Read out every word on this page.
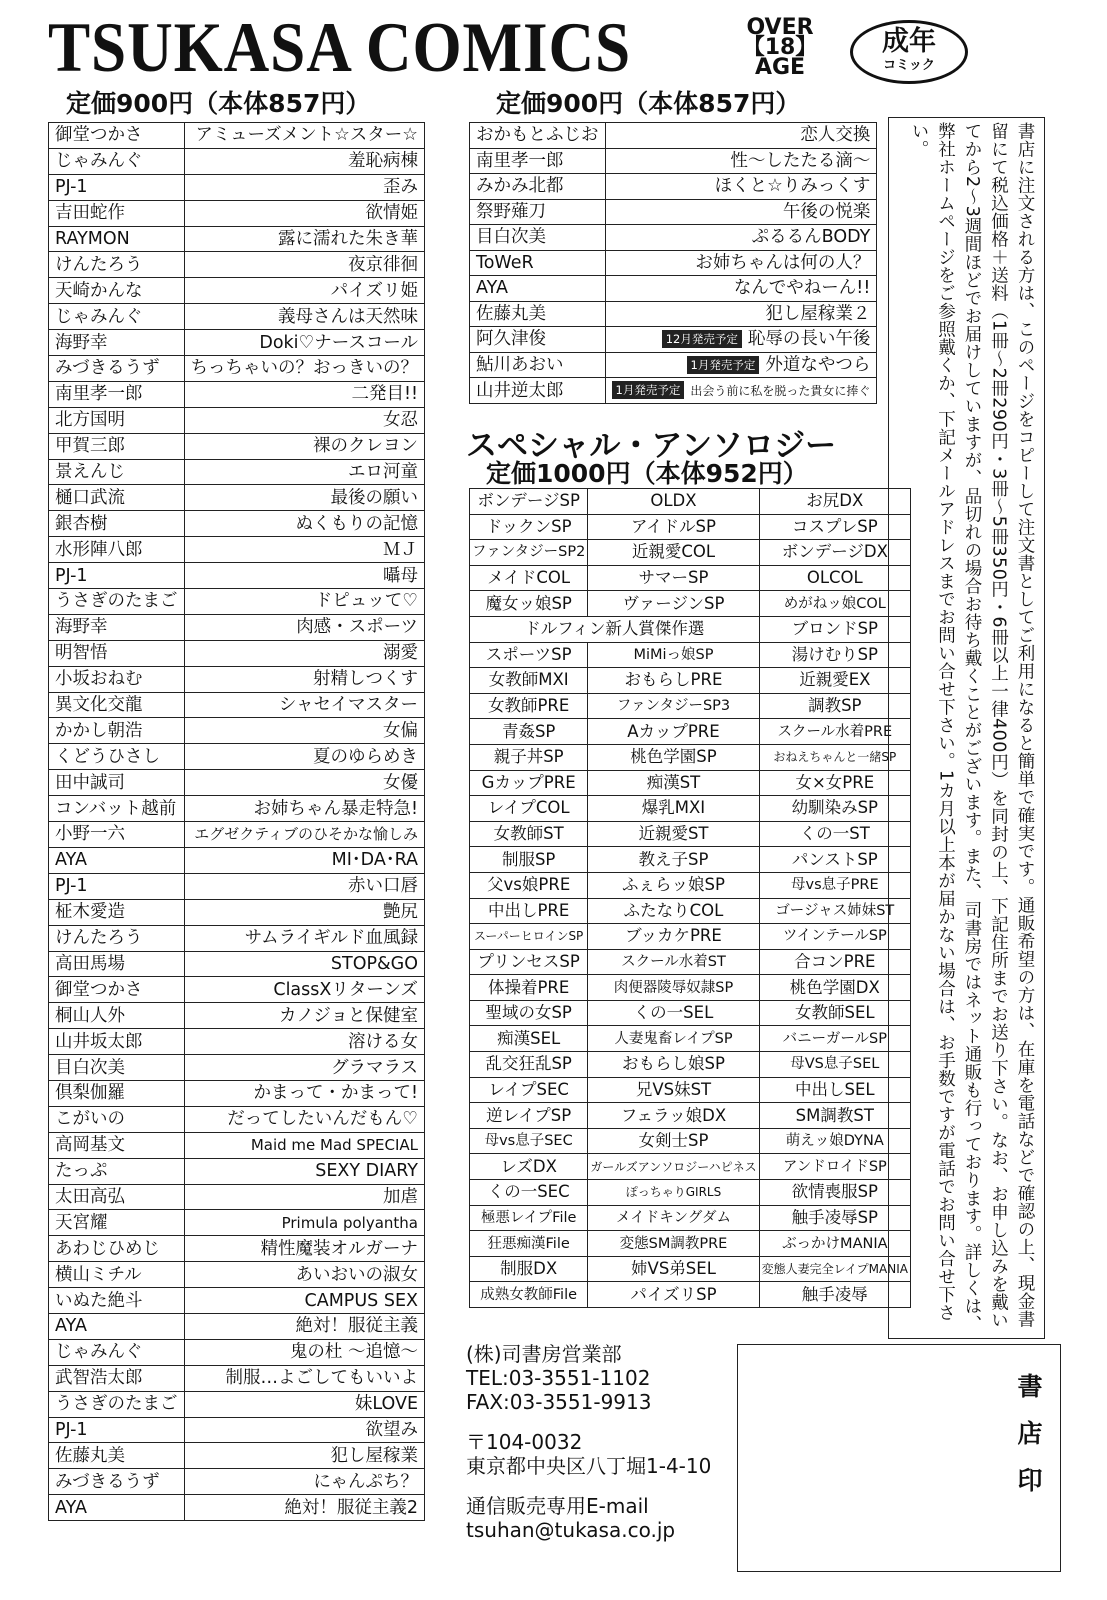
TSUKASA COMICS	OVER
【18】
AGE
成年
コミック
定価900円（本体857円）	定価900円（本体857円）
御堂つかさ	アミューズメント☆スター☆
じゃみんぐ	羞恥病棟
PJ-1	歪み
吉田蛇作	欲情姫
RAYMON	露に濡れた朱き華
けんたろう	夜京徘徊
天崎かんな	パイズリ姫
じゃみんぐ	義母さんは天然味
海野幸	Doki♡ナースコール
みづきるうず	ちっちゃいの？おっきいの？
南里孝一郎	二発目!!
北方国明	女忍
甲賀三郎	裸のクレヨン
景えんじ	エロ河童
樋口武流	最後の願い
銀杏樹	ぬくもりの記憶
水形陣八郎	ＭＪ
PJ-1	囁母
うさぎのたまご	ドピュッて♡
海野幸	肉感・スポーツ
明智悟	溺愛
小坂おねむ	射精しつくす
異文化交龍	シャセイマスター
かかし朝浩	女偏
くどうひさし	夏のゆらめき
田中誠司	女優
コンバット越前	お姉ちゃん暴走特急!
小野一六	エグゼクティブのひそかな愉しみ
AYA	MI･DA･RA
PJ-1	赤い口唇
柾木愛造	艶尻
けんたろう	サムライギルド血風録
高田馬場	STOP&GO
御堂つかさ	ClassXリターンズ
桐山人外	カノジョと保健室
山井坂太郎	溶ける女
目白次美	グラマラス
倶梨伽羅	かまって・かまって!
こがいの	だってしたいんだもん♡
高岡基文	Maid me Mad SPECIAL
たっぷ	SEXY DIARY
太田高弘	加虐
天宮耀	Primula polyantha
あわじひめじ	精性魔装オルガーナ
横山ミチル	あいおいの淑女
いぬた絶斗	CAMPUS SEX
AYA	絶対！服従主義
じゃみんぐ	鬼の杜 ～追憶～
武智浩太郎	制服…よごしてもいいよ
うさぎのたまご	妹LOVE
PJ-1	欲望み
佐藤丸美	犯し屋稼業
みづきるうず	にゃんぷち？
AYA	絶対！服従主義2
おかもとふじお	恋人交換
南里孝一郎	性～したたる滴～
みかみ北都	ほくと☆りみっくす
祭野薙刀	午後の悦楽
目白次美	ぷるるんBODY
ToWeR	お姉ちゃんは何の人？
AYA	なんでやねーん!!
佐藤丸美	犯し屋稼業２
阿久津俊	12月発売予定 恥辱の長い午後
鮎川あおい	1月発売予定 外道なやつら
山井逆太郎	1月発売予定 出会う前に私を脱った貴女に捧ぐ
スペシャル・アンソロジー
定価1000円（本体952円）
ボンデージSP	OLDX	お尻DX
ドックンSP	アイドルSP	コスプレSP
ファンタジーSP2	近親愛COL	ボンデージDX
メイドCOL	サマーSP	OLCOL
魔女ッ娘SP	ヴァージンSP	めがねッ娘COL
ドルフィン新人賞傑作選		ブロンドSP
スポーツSP	MiMiっ娘SP	湯けむりSP
女教師MXI	おもらしPRE	近親愛EX
女教師PRE	ファンタジーSP3	調教SP
青姦SP	AカップPRE	スクール水着PRE
親子丼SP	桃色学園SP	おねえちゃんと一緒SP
GカップPRE	痴漢ST	女×女PRE
レイプCOL	爆乳MXI	幼馴染みSP
女教師ST	近親愛ST	くの一ST
制服SP	教え子SP	パンストSP
父vs娘PRE	ふぇらッ娘SP	母vs息子PRE
中出しPRE	ふたなりCOL	ゴージャス姉妹ST
スーパーヒロインSP	ブッカケPRE	ツインテールSP
プリンセスSP	スクール水着ST	合コンPRE
体操着PRE	肉便器陵辱奴隷SP	桃色学園DX
聖域の女SP	くの一SEL	女教師SEL
痴漢SEL	人妻鬼畜レイプSP	バニーガールSP
乱交狂乱SP	おもらし娘SP	母VS息子SEL
レイプSEC	兄VS妹ST	中出しSEL
逆レイプSP	フェラッ娘DX	SM調教ST
母vs息子SEC	女剣士SP	萌えッ娘DYNA
レズDX	ガールズアンソロジーハピネス	アンドロイドSP
くの一SEC	ぽっちゃりGIRLS	欲情喪服SP
極悪レイプFile	メイドキングダム	触手凌辱SP
狂悪痴漢File	変態SM調教PRE	ぶっかけMANIA
制服DX	姉VS弟SEL	変態人妻完全レイプMANIA
成熟女教師File	パイズリSP	触手凌辱
(株)司書房営業部
TEL:03-3551-1102
FAX:03-3551-9913
〒104-0032
東京都中央区八丁堀1-4-10
通信販売専用E-mail
tsuhan@tukasa.co.jp
書店に注文される方は、このページをコピーして注文書としてご利用になると簡単で確実です。通販希望の方は、在庫を電話などで確認の上、現金書留にて税込価格＋送料（1冊～2冊290円・3冊～5冊350円・6冊以上一律400円）を同封の上、下記住所までお送り下さい。なお、お申し込みを戴いてから2〜3週間ほどでお届けしていますが、品切れの場合お待ち戴くことがございます。また、司書房ではネット通販も行っております。詳しくは、弊社ホームページをご参照戴くか、下記メールアドレスまでお問い合せ下さい。1カ月以上本が届かない場合は、お手数ですが電話でお問い合せ下さい。
書店印
